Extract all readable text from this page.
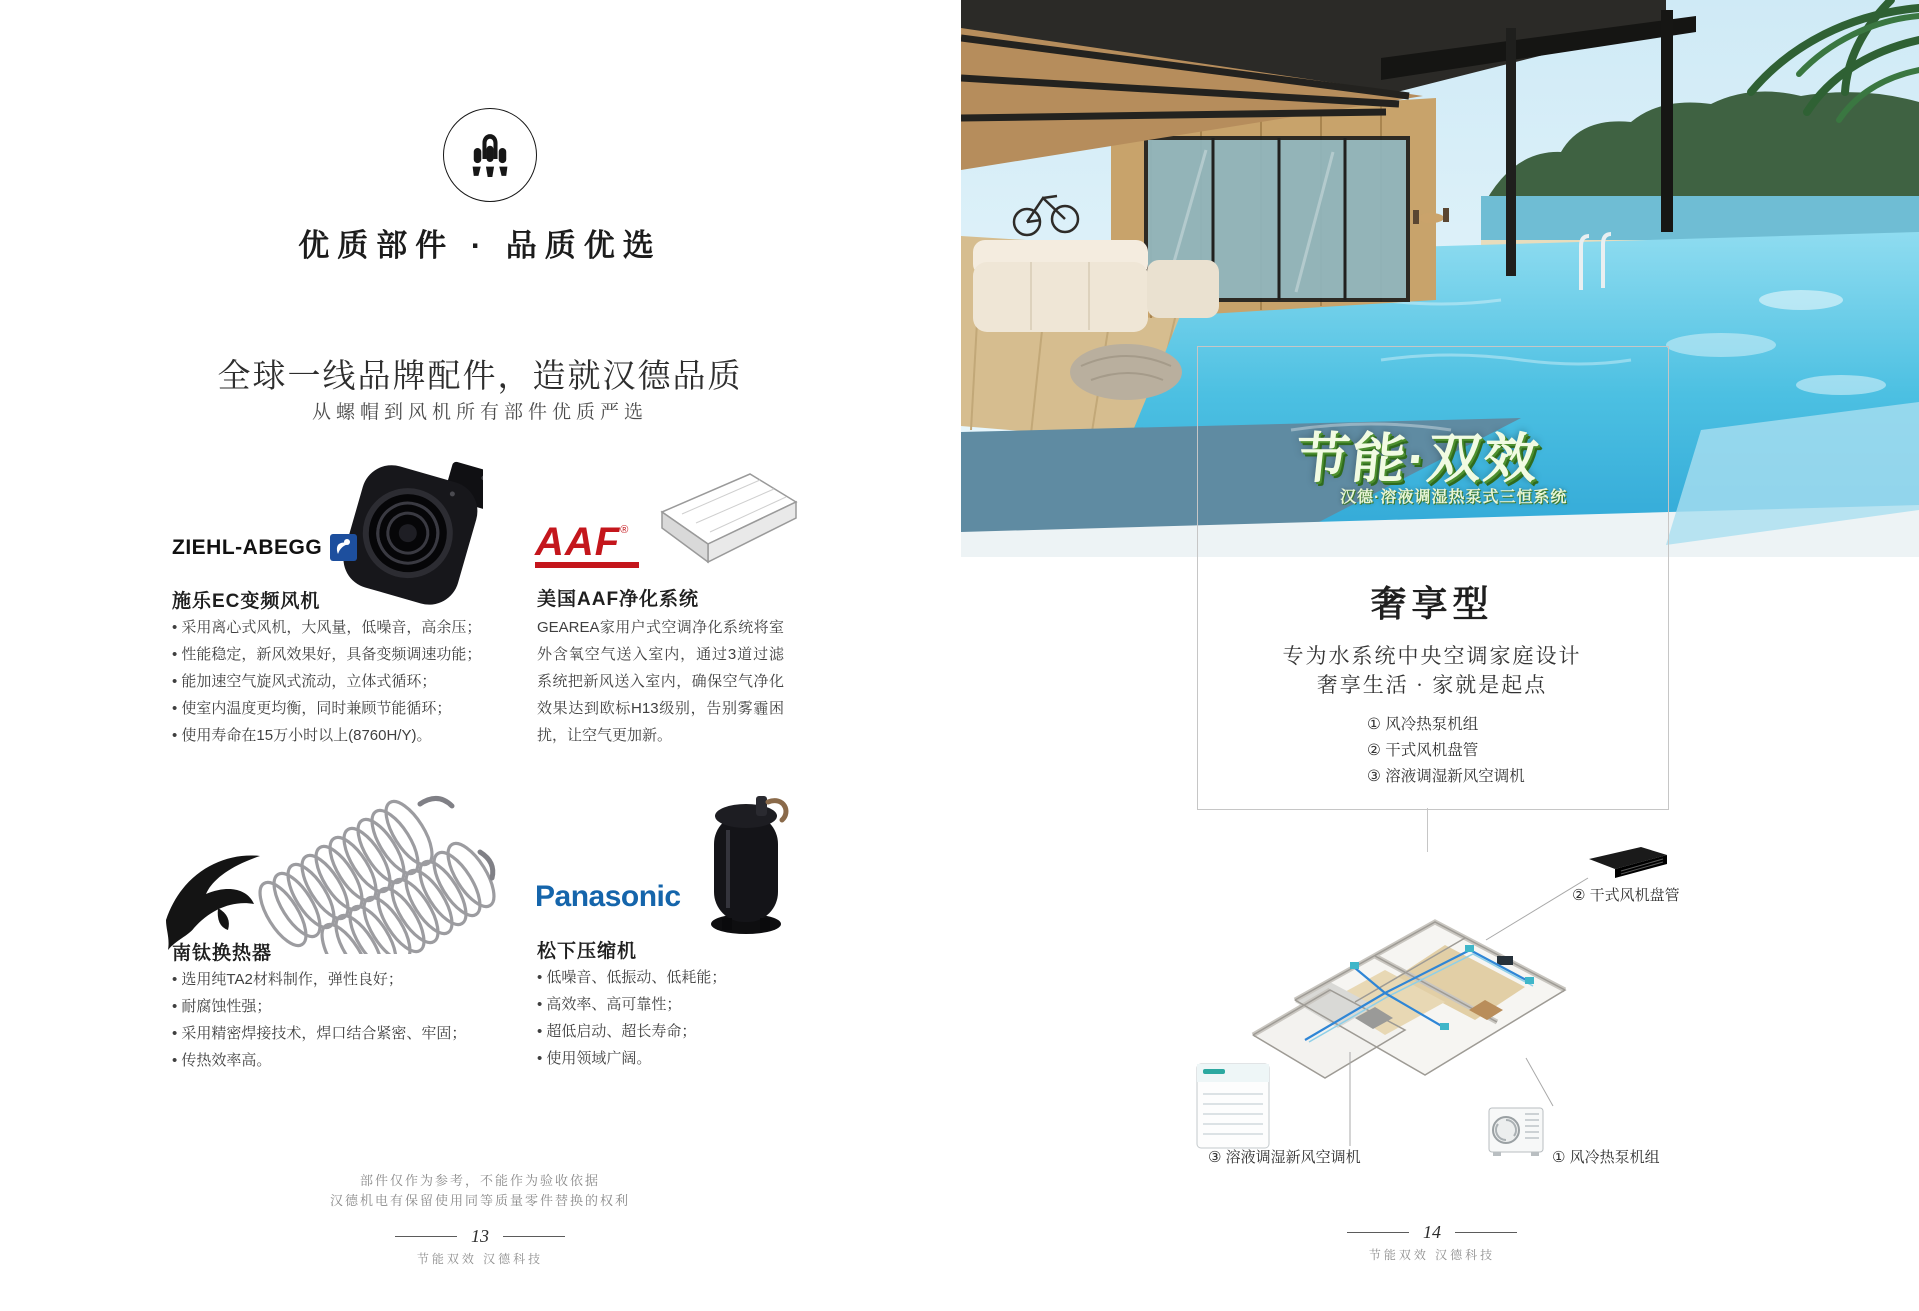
优质部件 · 品质优选
全球一线品牌配件，造就汉德品质
从螺帽到风机所有部件优质严选
ZIEHL-ABEGG
施乐EC变频风机
• 采用离心式风机，大风量，低噪音，高余压；
• 性能稳定，新风效果好，具备变频调速功能；
• 能加速空气旋风式流动，立体式循环；
• 使室内温度更均衡，同时兼顾节能循环；
• 使用寿命在15万小时以上(8760H/Y)。
AAF®
美国AAF净化系统
GEAREA家用户式空调净化系统将室外含氧空气送入室内，通过3道过滤系统把新风送入室内，确保空气净化效果达到欧标H13级别，告别雾霾困扰，让空气更加新。
南钛换热器
• 选用纯TA2材料制作，弹性良好；
• 耐腐蚀性强；
• 采用精密焊接技术，焊口结合紧密、牢固；
• 传热效率高。
Panasonic
松下压缩机
• 低噪音、低振动、低耗能；
• 高效率、高可靠性；
• 超低启动、超长寿命；
• 使用领域广阔。
部件仅作为参考，不能作为验收依据
汉德机电有保留使用同等质量零件替换的权利
13
节能双效 汉德科技
节能·双效
汉德·溶液调湿热泵式三恒系统
奢享型
专为水系统中央空调家庭设计
奢享生活 · 家就是起点
① 风冷热泵机组
② 干式风机盘管
③ 溶液调湿新风空调机
② 干式风机盘管
③ 溶液调湿新风空调机	① 风冷热泵机组
14
节能双效 汉德科技
